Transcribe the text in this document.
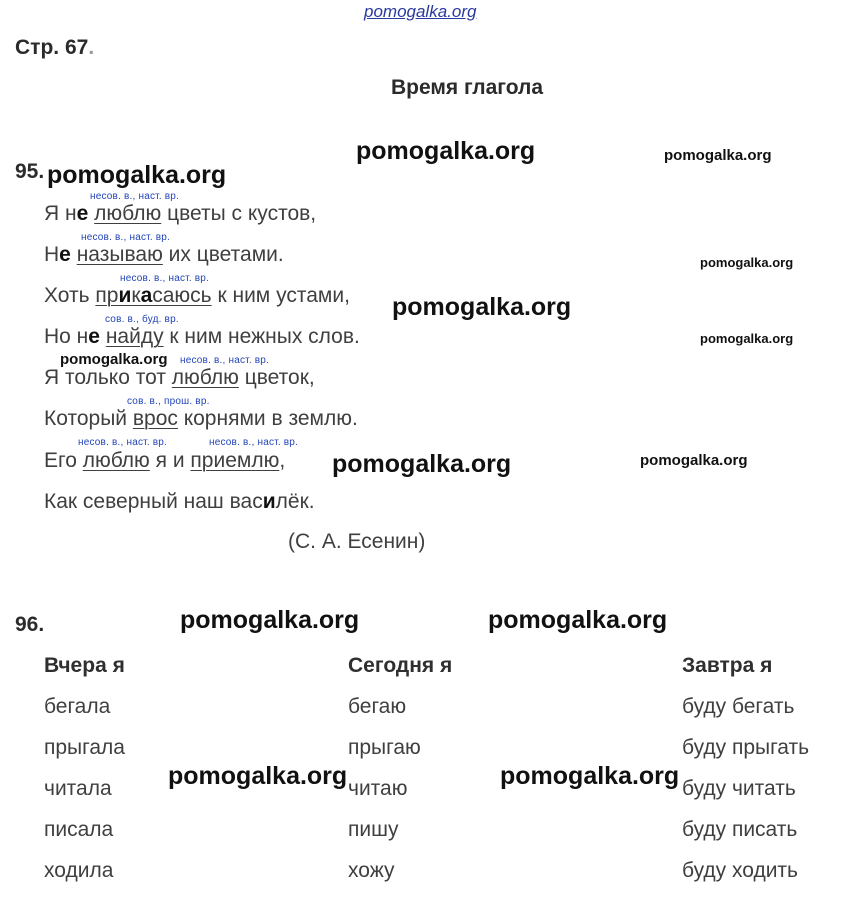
pomogalka.org
Стр. 67.
Время глагола
95.
несов. в., наст. вр.
Я не люблю цветы с кустов,
несов. в., наст. вр.
Не называю их цветами.
несов. в., наст. вр.
Хоть прикасаюсь к ним устами,
сов. в., буд. вр.
Но не найду к ним нежных слов.
несов. в., наст. вр.
Я только тот люблю цветок,
сов. в., прош. вр.
Который врос корнями в землю.
несов. в., наст. вр.	несов. в., наст. вр.
Его люблю я и приемлю,
Как северный наш василёк.
(С. А. Есенин)
96.
Вчера я	Сегодня я	Завтра я
бегала	бегаю	буду бегать
прыгала	прыгаю	буду прыгать
читала	читаю	буду читать
писала	пишу	буду писать
ходила	хожу	буду ходить
pomogalka.org	pomogalka.org
pomogalka.org
pomogalka.org
pomogalka.org
pomogalka.org
pomogalka.org
pomogalka.org	pomogalka.org
pomogalka.org	pomogalka.org
pomogalka.org	pomogalka.org
